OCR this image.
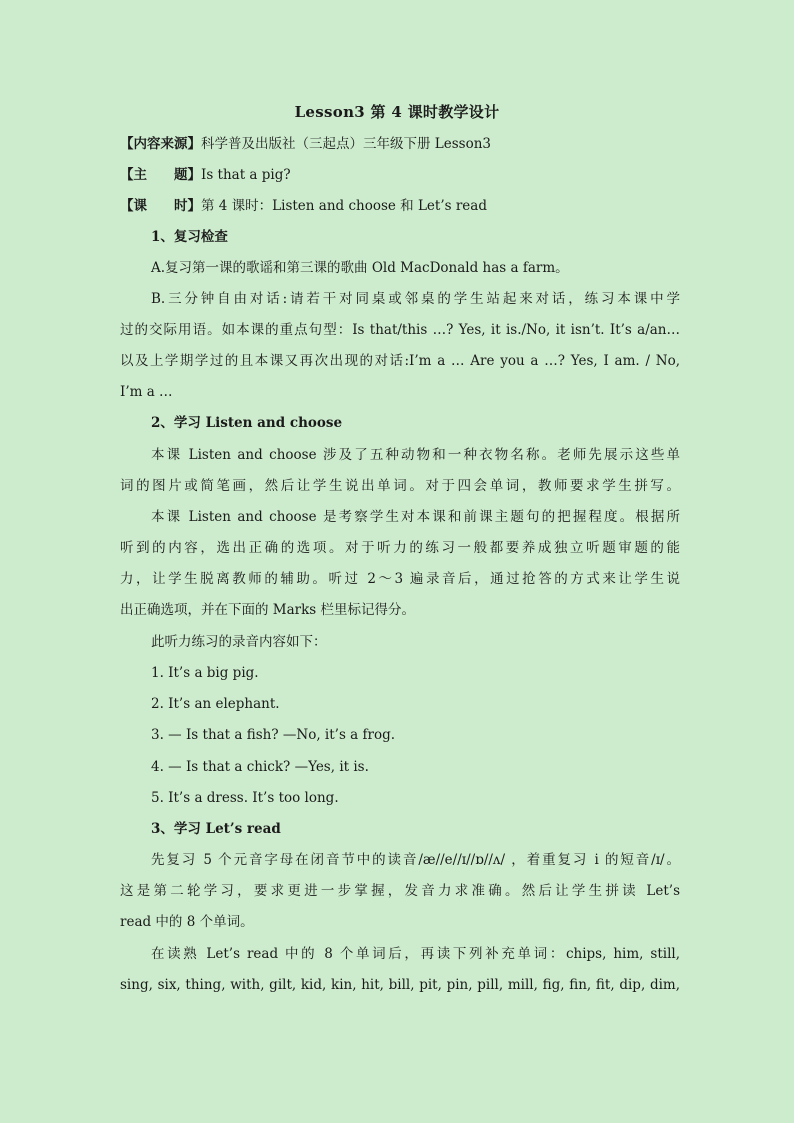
Lesson3 第 4 课时教学设计
【内容来源】科学普及出版社（三起点）三年级下册 Lesson3
【主　　题】Is that a pig?
【课　　时】第 4 课时：Listen and choose 和 Let’s read
1、复习检查
A.复习第一课的歌谣和第三课的歌曲 Old MacDonald has a farm。
B.三分钟自由对话:请若干对同桌或邻桌的学生站起来对话，练习本课中学
过的交际用语。如本课的重点句型：Is that/this …? Yes, it is./No, it isn’t. It’s a/an…
以及上学期学过的且本课又再次出现的对话:I’m a … Are you a …? Yes, I am. / No,
I’m a …
2、学习 Listen and choose
本课 Listen and choose 涉及了五种动物和一种衣物名称。老师先展示这些单
词的图片或简笔画，然后让学生说出单词。对于四会单词，教师要求学生拼写。
本课 Listen and choose 是考察学生对本课和前课主题句的把握程度。根据所
听到的内容，选出正确的选项。对于听力的练习一般都要养成独立听题审题的能
力，让学生脱离教师的辅助。听过 2～3 遍录音后，通过抢答的方式来让学生说
出正确选项，并在下面的 Marks 栏里标记得分。
此听力练习的录音内容如下：
1. It’s a big pig.
2. It’s an elephant.
3. — Is that a fish? —No, it’s a frog.
4. — Is that a chick? —Yes, it is.
5. It’s a dress. It’s too long.
3、学习 Let’s read
先复习 5 个元音字母在闭音节中的读音/æ//e//ɪ//ɒ//ʌ/ ，着重复习 i 的短音/ɪ/。
这是第二轮学习，要求更进一步掌握，发音力求准确。然后让学生拼读 Let’s
read 中的 8 个单词。
在读熟 Let’s read 中的 8 个单词后，再读下列补充单词：chips, him, still,
sing, six, thing, with, gilt, kid, kin, hit, bill, pit, pin, pill, mill, fig, fin, fit, dip, dim,
